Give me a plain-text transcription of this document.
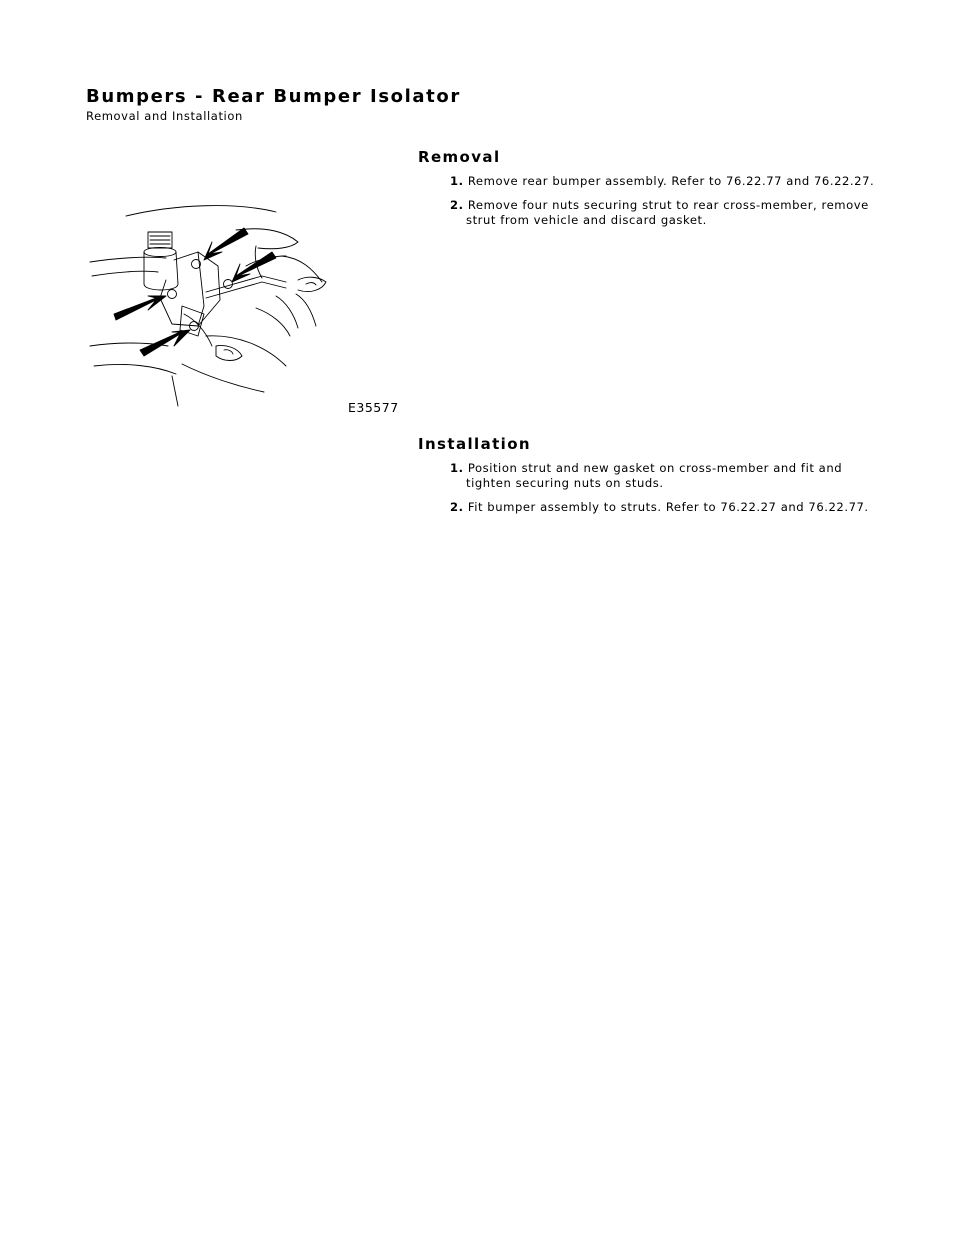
Bumpers - Rear Bumper Isolator
Removal and Installation
E35577
Removal
1. Remove rear bumper assembly. Refer to 76.22.77 and 76.22.27.
2. Remove four nuts securing strut to rear cross-member, remove strut from vehicle and discard gasket.
Installation
1. Position strut and new gasket on cross-member and fit and tighten securing nuts on studs.
2. Fit bumper assembly to struts. Refer to 76.22.27 and 76.22.77.
